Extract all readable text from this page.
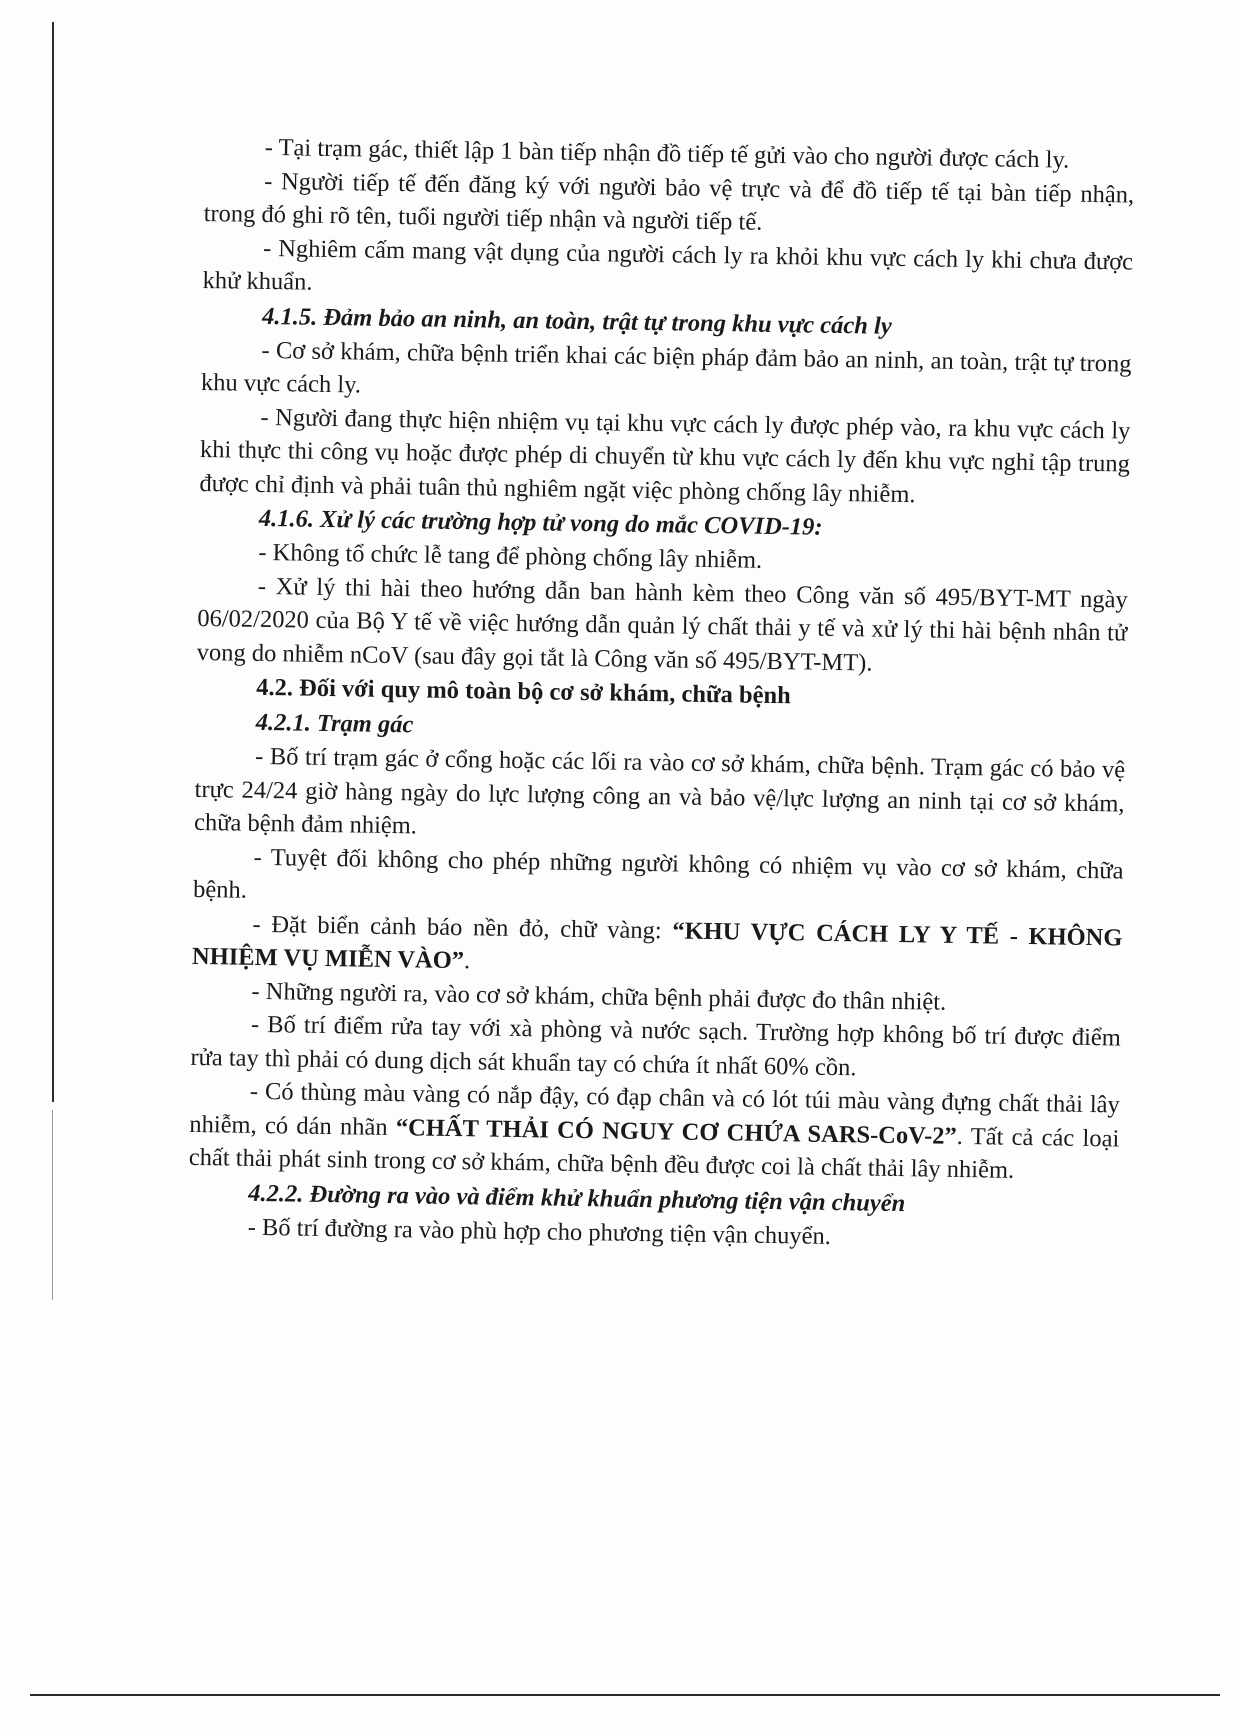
- Tại trạm gác, thiết lập 1 bàn tiếp nhận đồ tiếp tế gửi vào cho người được cách ly.

- Người tiếp tế đến đăng ký với người bảo vệ trực và để đồ tiếp tế tại bàn tiếp nhận, trong đó ghi rõ tên, tuổi người tiếp nhận và người tiếp tế.

- Nghiêm cấm mang vật dụng của người cách ly ra khỏi khu vực cách ly khi chưa được khử khuẩn.

4.1.5. Đảm bảo an ninh, an toàn, trật tự trong khu vực cách ly

- Cơ sở khám, chữa bệnh triển khai các biện pháp đảm bảo an ninh, an toàn, trật tự trong khu vực cách ly.

- Người đang thực hiện nhiệm vụ tại khu vực cách ly được phép vào, ra khu vực cách ly khi thực thi công vụ hoặc được phép di chuyển từ khu vực cách ly đến khu vực nghỉ tập trung được chỉ định và phải tuân thủ nghiêm ngặt việc phòng chống lây nhiễm.

4.1.6. Xử lý các trường hợp tử vong do mắc COVID-19:

- Không tổ chức lễ tang để phòng chống lây nhiễm.

- Xử lý thi hài theo hướng dẫn ban hành kèm theo Công văn số 495/BYT-MT ngày 06/02/2020 của Bộ Y tế về việc hướng dẫn quản lý chất thải y tế và xử lý thi hài bệnh nhân tử vong do nhiễm nCoV (sau đây gọi tắt là Công văn số 495/BYT-MT).

4.2. Đối với quy mô toàn bộ cơ sở khám, chữa bệnh

4.2.1. Trạm gác

- Bố trí trạm gác ở cổng hoặc các lối ra vào cơ sở khám, chữa bệnh. Trạm gác có bảo vệ trực 24/24 giờ hàng ngày do lực lượng công an và bảo vệ/lực lượng an ninh tại cơ sở khám, chữa bệnh đảm nhiệm.

- Tuyệt đối không cho phép những người không có nhiệm vụ vào cơ sở khám, chữa bệnh.

- Đặt biển cảnh báo nền đỏ, chữ vàng: “KHU VỰC CÁCH LY Y TẾ - KHÔNG NHIỆM VỤ MIỄN VÀO”.

- Những người ra, vào cơ sở khám, chữa bệnh phải được đo thân nhiệt.

- Bố trí điểm rửa tay với xà phòng và nước sạch. Trường hợp không bố trí được điểm rửa tay thì phải có dung dịch sát khuẩn tay có chứa ít nhất 60% cồn.

- Có thùng màu vàng có nắp đậy, có đạp chân và có lót túi màu vàng đựng chất thải lây nhiễm, có dán nhãn “CHẤT THẢI CÓ NGUY CƠ CHỨA SARS-CoV-2”. Tất cả các loại chất thải phát sinh trong cơ sở khám, chữa bệnh đều được coi là chất thải lây nhiễm.

4.2.2. Đường ra vào và điểm khử khuẩn phương tiện vận chuyển

- Bố trí đường ra vào phù hợp cho phương tiện vận chuyển.
